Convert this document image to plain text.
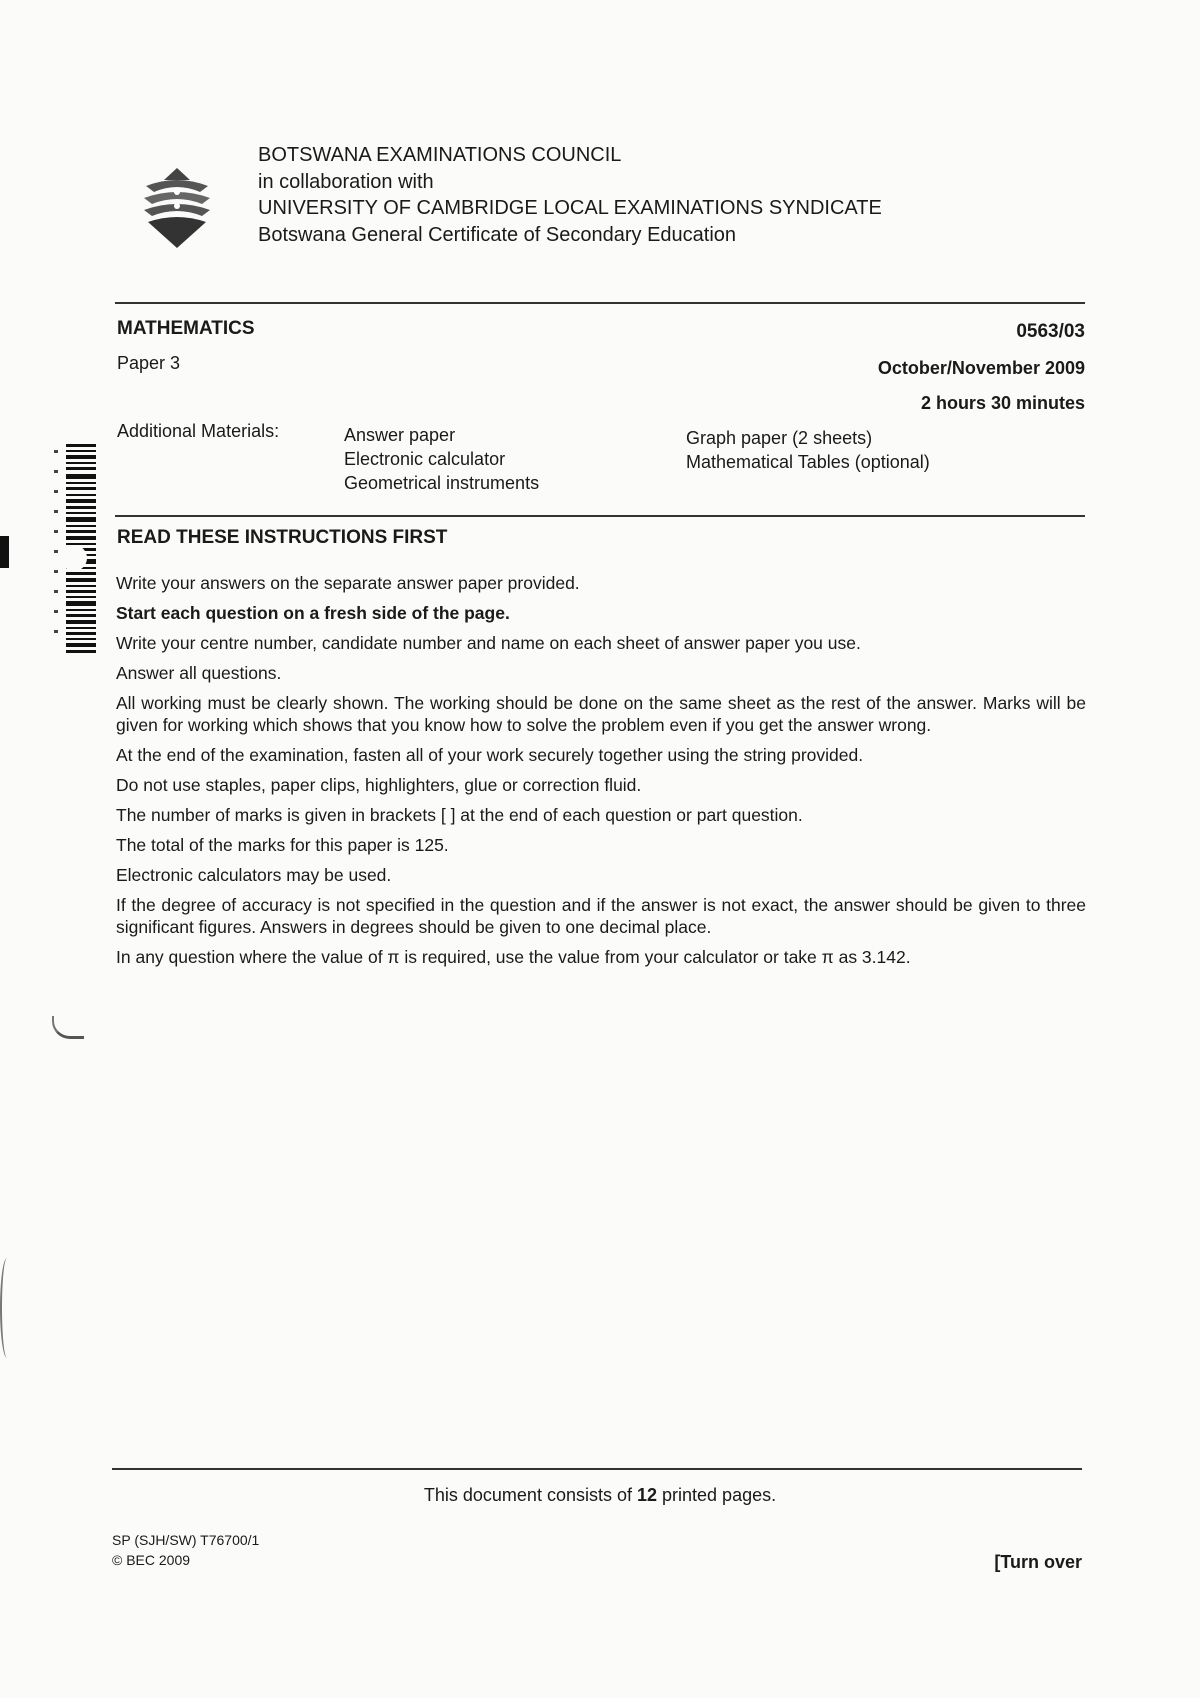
BOTSWANA EXAMINATIONS COUNCIL
in collaboration with
UNIVERSITY OF CAMBRIDGE LOCAL EXAMINATIONS SYNDICATE
Botswana General Certificate of Secondary Education
MATHEMATICS
Paper 3
0563/03
October/November 2009
2 hours 30 minutes
Additional Materials:	Answer paper
Electronic calculator
Geometrical instruments
Graph paper (2 sheets)
Mathematical Tables (optional)
READ THESE INSTRUCTIONS FIRST

Write your answers on the separate answer paper provided.

Start each question on a fresh side of the page.

Write your centre number, candidate number and name on each sheet of answer paper you use.

Answer all questions.

All working must be clearly shown. The working should be done on the same sheet as the rest of the answer. Marks will be given for working which shows that you know how to solve the problem even if you get the answer wrong.

At the end of the examination, fasten all of your work securely together using the string provided.

Do not use staples, paper clips, highlighters, glue or correction fluid.

The number of marks is given in brackets [ ] at the end of each question or part question.

The total of the marks for this paper is 125.

Electronic calculators may be used.

If the degree of accuracy is not specified in the question and if the answer is not exact, the answer should be given to three significant figures. Answers in degrees should be given to one decimal place.

In any question where the value of π is required, use the value from your calculator or take π as 3.142.

This document consists of 12 printed pages.
SP (SJH/SW) T76700/1
© BEC 2009	[Turn over
